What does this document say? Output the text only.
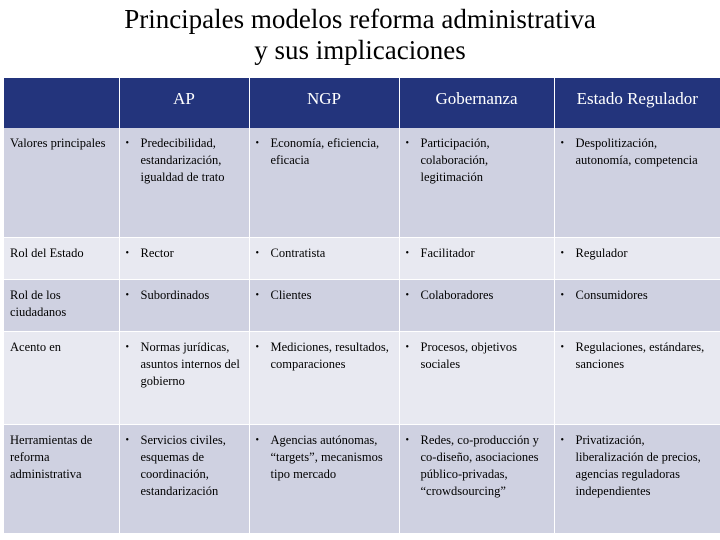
Principales modelos reforma administrativa
y sus implicaciones
	AP	NGP	Gobernanza	Estado Regulador
Valores principales	• Predecibilidad, estandarización, igualdad de trato	• Economía, eficiencia, eficacia	• Participación, colaboración, legitimación	• Despolitización, autonomía, competencia

Rol del Estado	• Rector	• Contratista	• Facilitador	• Regulador

Rol de los ciudadanos	• Subordinados	• Clientes	• Colaboradores	• Consumidores

Acento en	• Normas jurídicas, asuntos internos del gobierno	• Mediciones, resultados, comparaciones	• Procesos, objetivos sociales	• Regulaciones, estándares, sanciones

Herramientas de reforma administrativa	• Servicios civiles, esquemas de coordinación, estandarización	• Agencias autónomas, “targets”, mecanismos tipo mercado	• Redes, co-producción y co-diseño, asociaciones público-privadas, “crowdsourcing”	• Privatización, liberalización de precios, agencias reguladoras independientes
